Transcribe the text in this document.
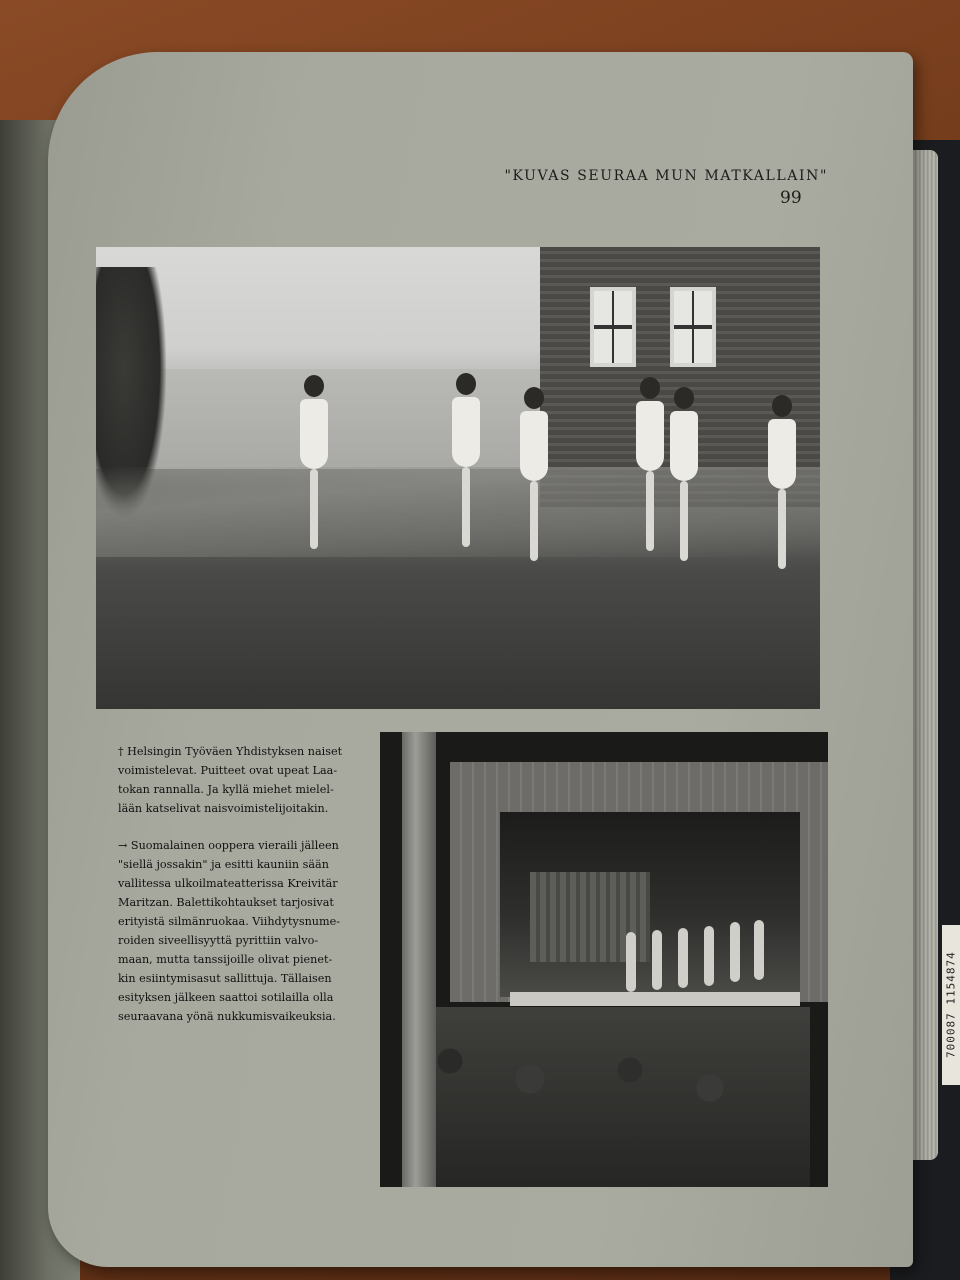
700087 1154874
"KUVAS SEURAA MUN MATKALLAIN"
99

† Helsingin Työväen Yhdistyksen naiset
voimistelevat. Puitteet ovat upeat Laa-
tokan rannalla. Ja kyllä miehet mielel-
lään katselivat naisvoimistelijoitakin.

→ Suomalainen ooppera vieraili jälleen
"siellä jossakin" ja esitti kauniin sään
vallitessa ulkoilmateatterissa Kreivitär
Maritzan. Balettikohtaukset tarjosivat
erityistä silmänruokaa. Viihdytysnume-
roiden siveellisyyttä pyrittiin valvo-
maan, mutta tanssijoille olivat pienet-
kin esiintymisasut sallittuja. Tällaisen
esityksen jälkeen saattoi sotilailla olla
seuraavana yönä nukkumisvaikeuksia.
